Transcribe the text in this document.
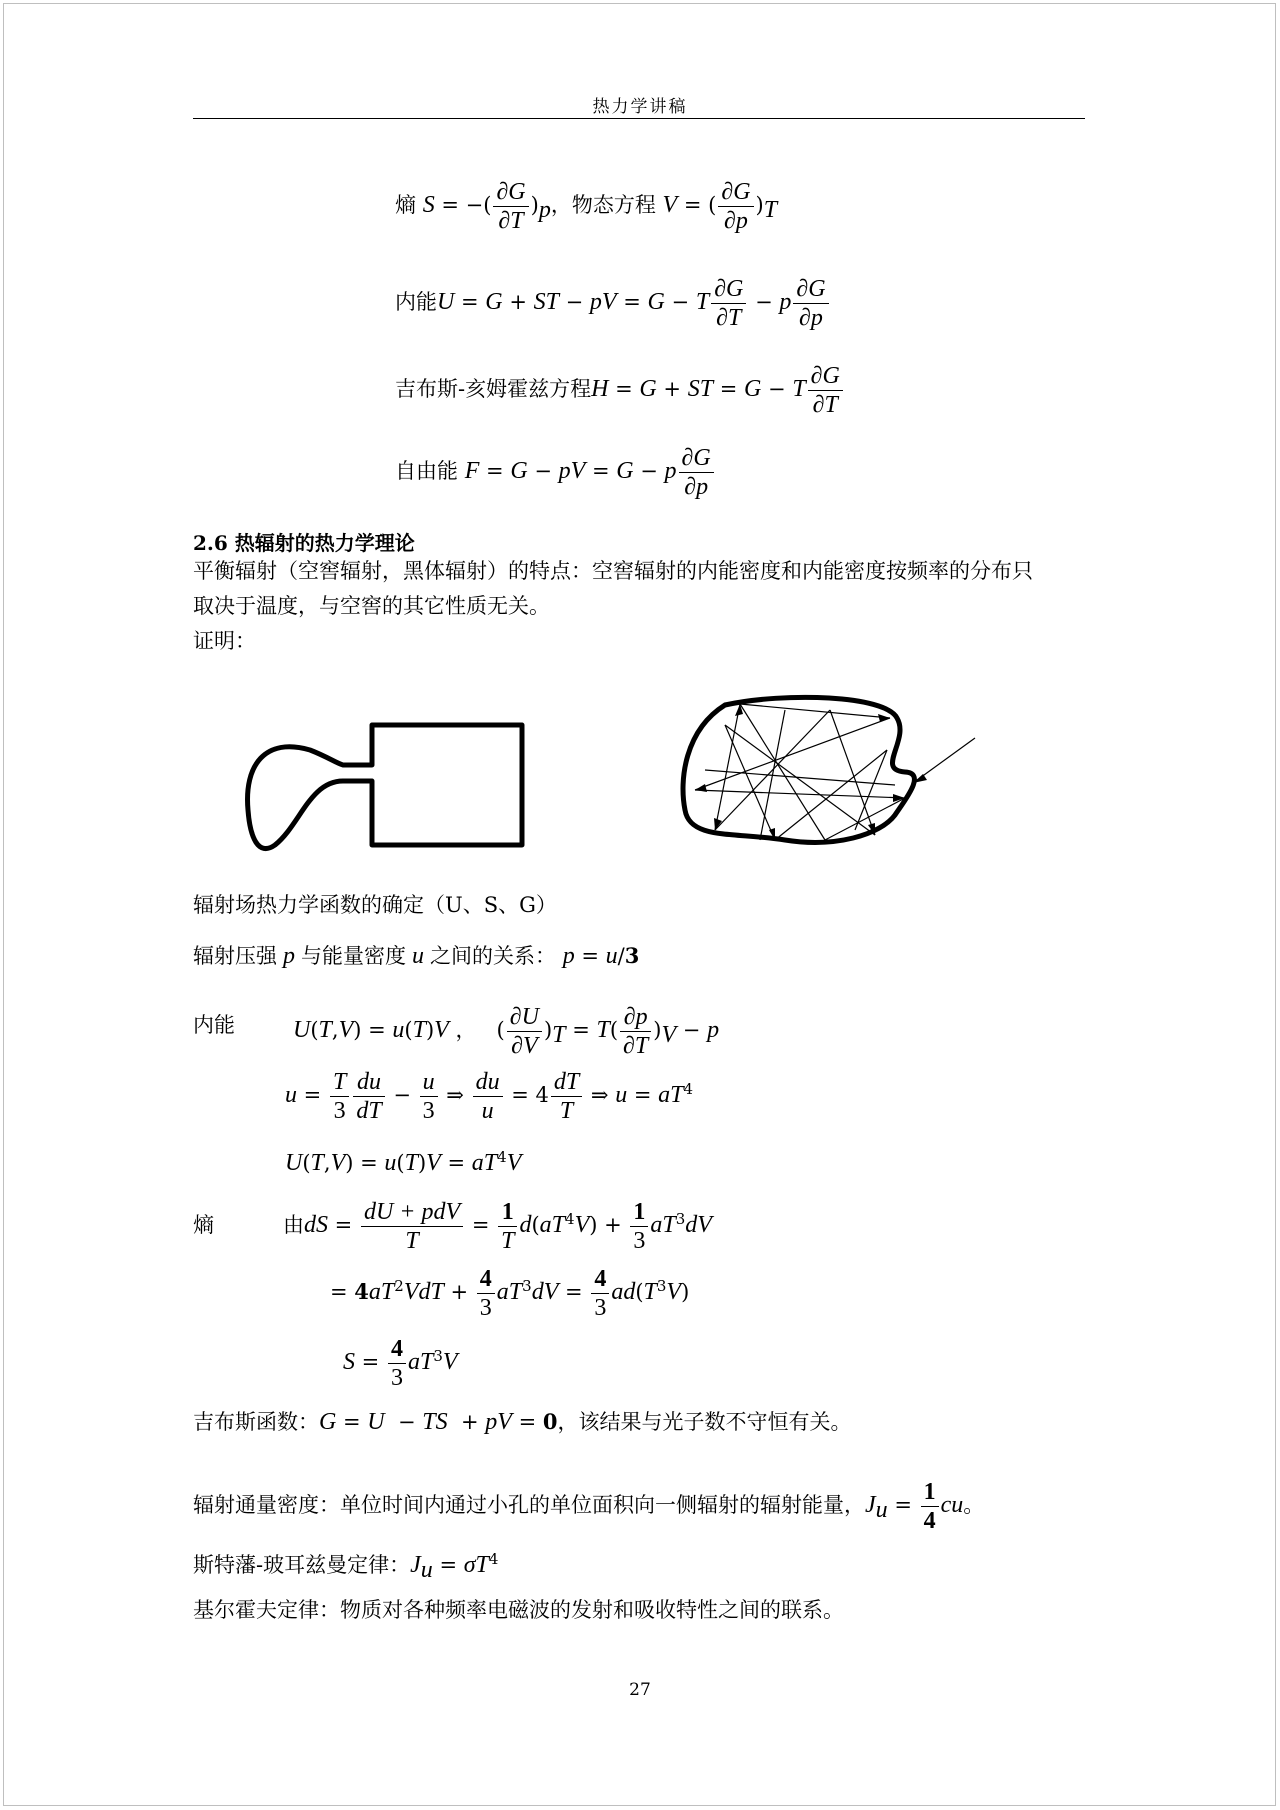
热力学讲稿
熵 S = −( $\frac{\partial G}{\partial T} )_p$，物态方程 V = ( $\frac{\partial G}{\partial p} )_T$
内能U = G + ST − pV = G − T $\frac{\partial G}{\partial T} - p \frac{\partial G}{\partial p}$
吉布斯-亥姆霍兹方程H = G + ST = G − T $\frac{\partial G}{\partial T}$
自由能 F = G − pV = G − p $\frac{\partial G}{\partial p}$
2.6 热辐射的热力学理论
平衡辐射（空窖辐射，黑体辐射）的特点：空窖辐射的内能密度和内能密度按频率的分布只
取决于温度，与空窖的其它性质无关。
证明：
辐射场热力学函数的确定（U、S、G）
辐射压强 p 与能量密度 u 之间的关系： p = u/3
内能 U(T,V) = u(T)V ，   ( $\frac{\partial U}{\partial V} )_T = T( \frac{\partial p}{\partial T} )_V - p$
$u = \frac{T}{3} \frac{du}{dT} - \frac{u}{3}$ ⇒ $\frac{du}{u} = 4 \frac{dT}{T}$ ⇒ $u = aT^4$
$U(T,V) = u(T)V = aT^4V$
熵	由dS = $\frac{\text{dU + pdV}}{T} = \frac{1}{T} d(aT^4V) + \frac{1}{3} aT^3dV$
= $4aT^2VdT + \frac{4}{3} aT^3dV = \frac{4}{3} ad(T^3V)$
$S = \frac{4}{3} aT^3V$
吉布斯函数：G = U  − TS  + pV = 0，该结果与光子数不守恒有关。
辐射通量密度：单位时间内通过小孔的单位面积向一侧辐射的辐射能量，$J_u = \frac{1}{4}$ cu。
斯特藩-玻耳兹曼定律：$J_u = \sigma T^4$
基尔霍夫定律：物质对各种频率电磁波的发射和吸收特性之间的联系。
27
